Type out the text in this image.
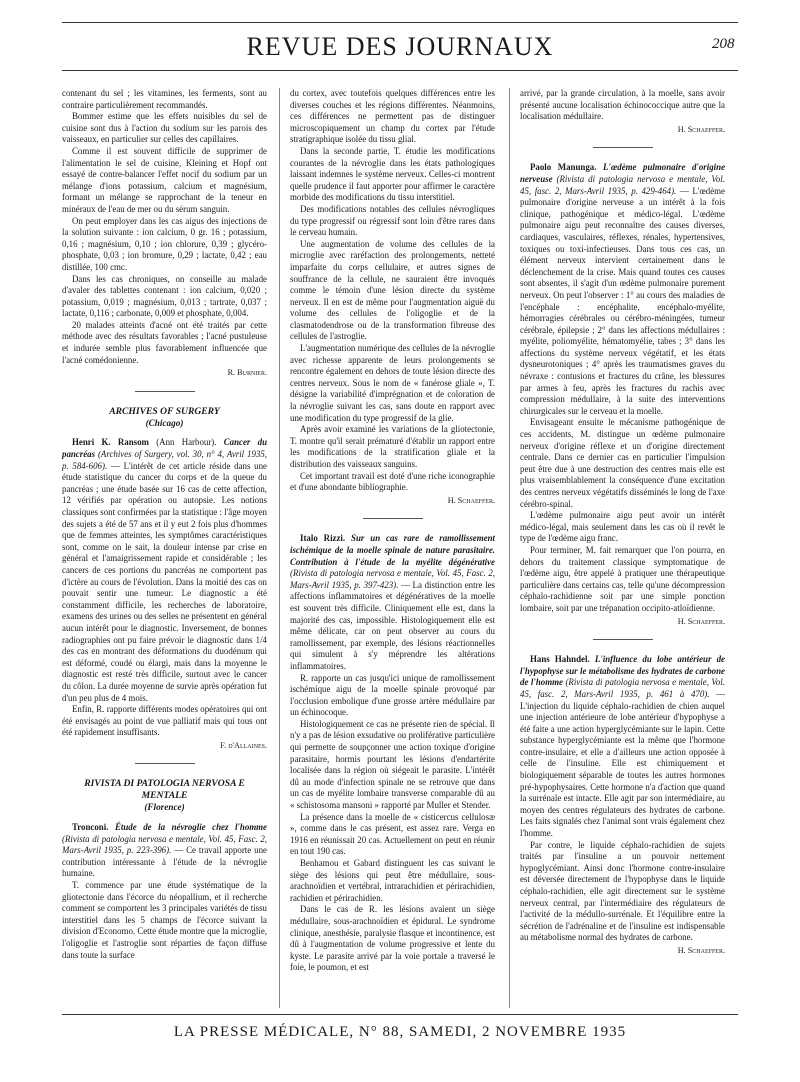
REVUE DES JOURNAUX	208

contenant du sel ; les vitamines, les ferments, sont au contraire particulièrement recommandés.

Bommer estime que les effets nuisibles du sel de cuisine sont dus à l'action du sodium sur les parois des vaisseaux, en particulier sur celles des capillaires.

Comme il est souvent difficile de supprimer de l'alimentation le sel de cuisine, Kleining et Hopf ont essayé de contre-balancer l'effet nocif du sodium par un mélange d'ions potassium, calcium et magnésium, formant un mélange se rapprochant de la teneur en minéraux de l'eau de mer ou du sérum sanguin.

On peut employer dans les cas aigus des injections de la solution suivante : ion calcium, 0 gr. 16 ; potassium, 0,16 ; magnésium, 0,10 ; ion chlorure, 0,39 ; glycéro-phosphate, 0,03 ; ion bromure, 0,29 ; lactate, 0,42 ; eau distillée, 100 cmc.

Dans les cas chroniques, on conseille au malade d'avaler des tablettes contenant : ion calcium, 0,020 ; potassium, 0,019 ; magnésium, 0,013 ; tartrate, 0,037 ; lactate, 0,116 ; carbonate, 0,009 et phosphate, 0,004.

20 malades atteints d'acné ont été traités par cette méthode avec des résultats favorables ; l'acné pustuleuse et indurée semble plus favorablement influencée que l'acné comédonienne.

R. Burnier.
ARCHIVES OF SURGERY
(Chicago)

Henri K. Ransom (Ann Harbour). Cancer du pancréas (Archives of Surgery, vol. 30, n° 4, Avril 1935, p. 584-606). — L'intérêt de cet article réside dans une étude statistique du cancer du corps et de la queue du pancréas ; une étude basée sur 16 cas de cette affection, 12 vérifiés par opération ou autopsie. Les notions classiques sont confirmées par la statistique : l'âge moyen des sujets a été de 57 ans et il y eut 2 fois plus d'hommes que de femmes atteintes, les symptômes caractéristiques sont, comme on le sait, la douleur intense par crise en général et l'amaigrissement rapide et considérable ; les cancers de ces portions du pancréas ne comportent pas d'ictère au cours de l'évolution. Dans la moitié des cas on pouvait sentir une tumeur. Le diagnostic a été constamment difficile, les recherches de laboratoire, examens des urines ou des selles ne présentent en général aucun intérêt pour le diagnostic. Inversement, de bonnes radiographies ont pu faire prévoir le diagnostic dans 1/4 des cas en montrant des déformations du duodénum qui est déformé, coudé ou élargi, mais dans la moyenne le diagnostic est resté très difficile, surtout avec le cancer du côlon. La durée moyenne de survie après opération fut d'un peu plus de 4 mois.

Enfin, R. rapporte différents modes opératoires qui ont été envisagés au point de vue palliatif mais qui tous ont été rapidement insuffisants.

F. d'Allaines.
RIVISTA DI PATOLOGIA NERVOSA E MENTALE
(Florence)

Tronconi. Étude de la névroglie chez l'homme (Rivista di patologia nervosa e mentale, Vol. 45, Fasc. 2, Mars-Avril 1935, p. 223-396). — Ce travail apporte une contribution intéressante à l'étude de la névroglie humaine.

T. commence par une étude systématique de la gliotectonie dans l'écorce du néopallium, et il recherche comment se comportent les 3 principales variétés de tissu interstitiel dans les 5 champs de l'écorce suivant la division d'Economo. Cette étude montre que la microglie, l'oligoglie et l'astroglie sont réparties de façon diffuse dans toute la surface

du cortex, avec toutefois quelques différences entre les diverses couches et les régions différentes. Néanmoins, ces différences ne permettent pas de distinguer microscopiquement un champ du cortex par l'étude stratigraphique isolée du tissu glial.

Dans la seconde partie, T. étudie les modifications courantes de la névroglie dans les états pathologiques laissant indemnes le système nerveux. Celles-ci montrent quelle prudence il faut apporter pour affirmer le caractère morbide des modifications du tissu interstitiel.

Des modifications notables des cellules névrogliques du type progressif ou régressif sont loin d'être rares dans le cerveau humain.

Une augmentation de volume des cellules de la microglie avec raréfaction des prolongements, netteté imparfaite du corps cellulaire, et autres signes de souffrance de la cellule, ne sauraient être invoqués comme le témoin d'une lésion directe du système nerveux. Il en est de même pour l'augmentation aiguë du volume des cellules de l'oligoglie et de la clasmatodendrose ou de la transformation fibreuse des cellules de l'astroglie.

L'augmentation numérique des cellules de la névroglie avec richesse apparente de leurs prolongements se rencontre également en dehors de toute lésion directe des centres nerveux. Sous le nom de « fanérose gliale », T. désigne la variabilité d'imprégnation et de coloration de la névroglie suivant les cas, sans doute en rapport avec une modification du type progressif de la glie.

Après avoir examiné les variations de la gliotectonie, T. montre qu'il serait prématuré d'établir un rapport entre les modifications de la stratification gliale et la distribution des vaisseaux sanguins.

Cet important travail est doté d'une riche iconographie et d'une abondante bibliographie.

H. Schaeffer.

Italo Rizzi. Sur un cas rare de ramollissement ischémique de la moelle spinale de nature parasitaire. Contribution à l'étude de la myélite dégénérative (Rivista di patologia nervosa e mentale, Vol. 45, Fasc. 2, Mars-Avril 1935, p. 397-423). — La distinction entre les affections inflammatoires et dégénératives de la moelle est souvent très difficile. Cliniquement elle est, dans la majorité des cas, impossible. Histologiquement elle est même délicate, car on peut observer au cours du ramollissement, par exemple, des lésions réactionnelles qui simulent à s'y méprendre les altérations inflammatoires.

R. rapporte un cas jusqu'ici unique de ramollissement ischémique aigu de la moelle spinale provoqué par l'occlusion embolique d'une grosse artère médullaire par un échinocoque.

Histologiquement ce cas ne présente rien de spécial. Il n'y a pas de lésion exsudative ou proliférative particulière qui permette de soupçonner une action toxique d'origine parasitaire, hormis pourtant les lésions d'endartérite localisée dans la région où siégeait le parasite. L'intérêt dû au mode d'infection spinale ne se retrouve que dans un cas de myélite lombaire transverse comparable dû au « schistosoma mansoni » rapporté par Muller et Stender.

La présence dans la moelle de « cisticercus cellulosæ », comme dans le cas présent, est assez rare. Verga en 1916 en réunissait 20 cas. Actuellement on peut en réunir en tout 190 cas.

Benhamou et Gabard distinguent les cas suivant le siège des lésions qui peut être médullaire, sous-arachnoïdien et vertébral, intrarachidien et périrachidien, rachidien et périrachidien.

Dans le cas de R. les lésions avaient un siège médullaire, sous-arachnoïdien et épidural. Le syndrome clinique, anesthésie, paralysie flasque et incontinence, est dû à l'augmentation de volume progressive et lente du kyste. Le parasite arrivé par la voie portale a traversé le foie, le poumon, et est

arrivé, par la grande circulation, à la moelle, sans avoir présenté aucune localisation échinococcique autre que la localisation médullaire.

H. Schaeffer.

Paolo Manunga. L'œdème pulmonaire d'origine nerveuse (Rivista di patologia nervosa e mentale, Vol. 45, fasc. 2, Mars-Avril 1935, p. 429-464). — L'œdème pulmonaire d'origine nerveuse a un intérêt à la fois clinique, pathogénique et médico-légal. L'œdème pulmonaire aigu peut reconnaître des causes diverses, cardiaques, vasculaires, réflexes, rénales, hypertensives, toxiques ou toxi-infectieuses. Dans tous ces cas, un élément nerveux intervient certainement dans le déclenchement de la crise. Mais quand toutes ces causes sont absentes, il s'agit d'un œdème pulmonaire purement nerveux. On peut l'observer : 1° au cours des maladies de l'encéphale : encéphalite, encéphalo-myélite, hémorragies cérébrales ou cérébro-méningées, tumeur cérébrale, épilepsie ; 2° dans les affections médullaires : myélite, poliomyélite, hématomyélie, tabes ; 3° dans les affections du système nerveux végétatif, et les états dysneurotoniques ; 4° après les traumatismes graves du névraxe : contusions et fractures du crâne, les blessures par armes à feu, après les fractures du rachis avec compression médullaire, à la suite des interventions chirurgicales sur le cerveau et la moelle.

Envisageant ensuite le mécanisme pathogénique de ces accidents, M. distingue un œdème pulmonaire nerveux d'origine réflexe et un d'origine directement centrale. Dans ce dernier cas en particulier l'impulsion peut être due à une destruction des centres mais elle est plus vraisemblablement la conséquence d'une excitation des centres nerveux végétatifs disséminés le long de l'axe cérébro-spinal.

L'œdème pulmonaire aigu peut avoir un intérêt médico-légal, mais seulement dans les cas où il revêt le type de l'œdème aigu franc.

Pour terminer, M. fait remarquer que l'on pourra, en dehors du traitement classique symptomatique de l'œdème aigu, être appelé à pratiquer une thérapeutique particulière dans certains cas, telle qu'une décompression céphalo-rachidienne soit par une simple ponction lombaire, soit par une trépanation occipito-atloïdienne.

H. Schaeffer.

Hans Hahndel. L'influence du lobe antérieur de l'hypophyse sur le métabolisme des hydrates de carbone de l'homme (Rivista di patologia nervosa e mentale, Vol. 45, fasc. 2, Mars-Avril 1935, p. 461 à 470). — L'injection du liquide céphalo-rachidien de chien auquel une injection antérieure de lobe antérieur d'hypophyse a été faite a une action hyperglycémiante sur le lapin. Cette substance hyperglycémiante est la même que l'hormone contre-insulaire, et elle a d'ailleurs une action opposée à celle de l'insuline. Elle est chimiquement et biologiquement séparable de toutes les autres hormones pré-hypophysaires. Cette hormone n'a d'action que quand la surrénale est intacte. Elle agit par son intermédiaire, au moyen des centres régulateurs des hydrates de carbone. Les faits signalés chez l'animal sont vrais également chez l'homme.

Par contre, le liquide céphalo-rachidien de sujets traités par l'insuline a un pouvoir nettement hypoglycémiant. Ainsi donc l'hormone contre-insulaire est déversée directement de l'hypophyse dans le liquide céphalo-rachidien, elle agit directement sur le système nerveux central, par l'intermédiaire des régulateurs de l'activité de la médullo-surrénale. Et l'équilibre entre la sécrétion de l'adrénaline et de l'insuline est indispensable au métabolisme normal des hydrates de carbone.

H. Schaeffer.
LA PRESSE MÉDICALE, N° 88, SAMEDI, 2 NOVEMBRE 1935
